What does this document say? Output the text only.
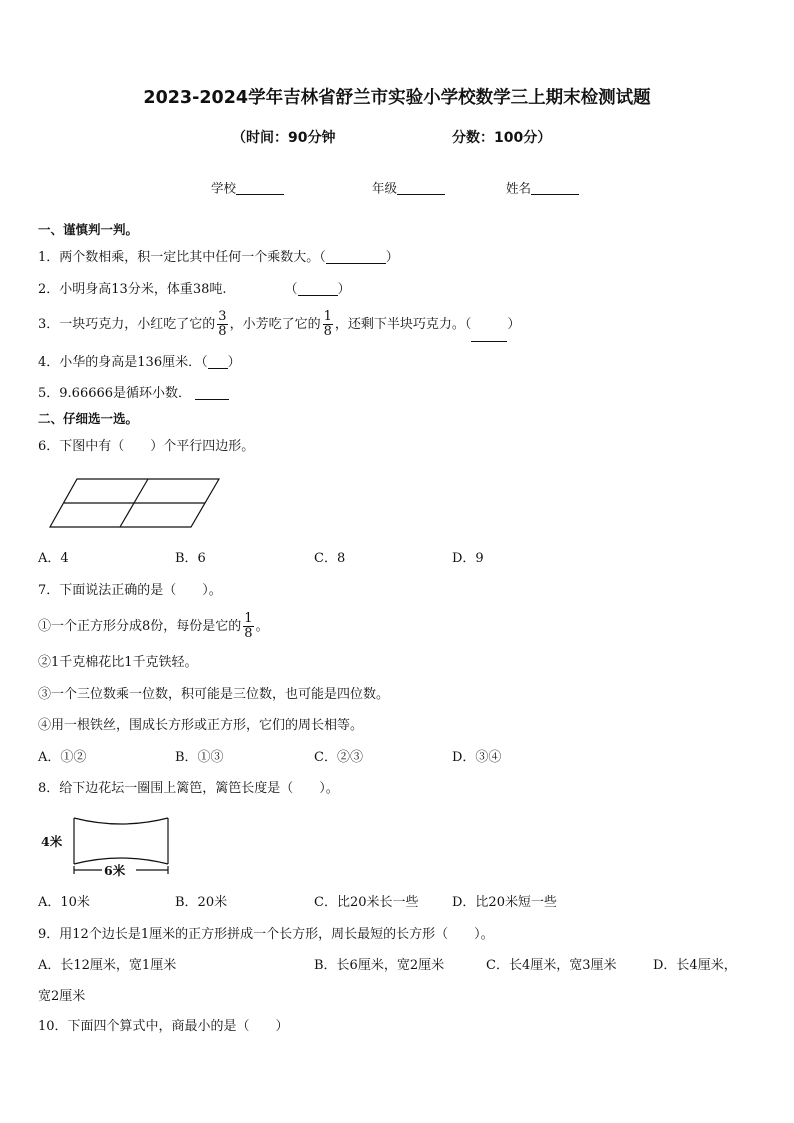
2023-2024学年吉林省舒兰市实验小学校数学三上期末检测试题
（时间：90分钟	分数：100分）
学校	年级	姓名
一、谨慎判一判。
1．两个数相乘，积一定比其中任何一个乘数大。（	）
2．小明身高13分米，体重38吨.	（	）
3．一块巧克力，小红吃了它的 $\frac{3}{8}$ ，小芳吃了它的 $\frac{1}{8}$ ，还剩下半块巧克力。（	）
4．小华的身高是136厘米．（ ）
5．9.66666是循环小数．
二、仔细选一选。
6．下图中有（　　）个平行四边形。
A．4	B．6	C．8	D．9
7．下面说法正确的是（　　）。
①一个正方形分成8份，每份是它的 $\frac{1}{8}$ 。
②1千克棉花比1千克铁轻。
③一个三位数乘一位数，积可能是三位数，也可能是四位数。
④用一根铁丝，围成长方形或正方形，它们的周长相等。
A．①②	B．①③	C．②③	D．③④
8．给下边花坛一圈围上篱笆，篱笆长度是（　　）。
4米
6米
A．10米	B．20米	C．比20米长一些	D．比20米短一些
9．用12个边长是1厘米的正方形拼成一个长方形，周长最短的长方形（　　）。
A．长12厘米，宽1厘米	B．长6厘米，宽2厘米	C．长4厘米，宽3厘米	D．长4厘米，
宽2厘米
10．下面四个算式中，商最小的是（　　）
